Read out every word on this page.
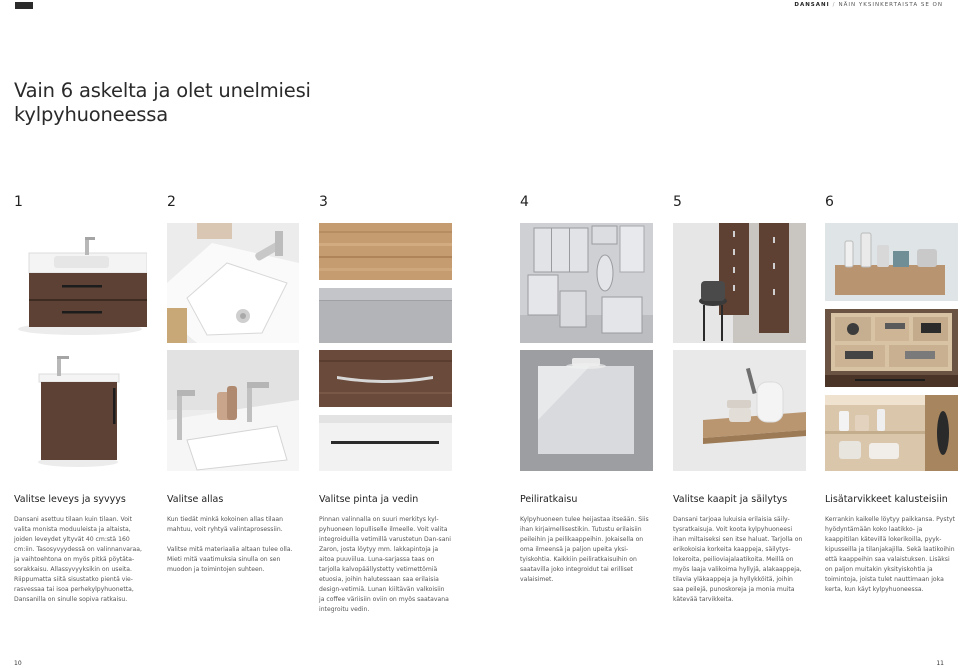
DANSANI / NÄIN YKSINKERTAISTA SE ON
Vain 6 askelta ja olet unelmiesi
kylpyhuoneessa
1	2	3	4	5	6
Valitse leveys ja syvyys	Valitse allas	Valitse pinta ja vedin	Peiliratkaisu	Valitse kaapit ja säilytys	Lisätarvikkeet kalusteisiin

Dansani asettuu tilaan kuin tilaan. Voit valita monista moduuleista ja altaista, joiden leveydet yltyvät 40 cm:stä 160 cm:iin. Tasosyvyydessä on valinnanvaraa, ja vaihtoehtona on myös pitkä pöytäta-sorakkaisu. Allassyvyyksikin on useita. Riippumatta siitä sisustatko pientä vie-rasvessaa tai isoa perhekylpyhuonetta, Dansanilla on sinulle sopiva ratkaisu.

Kun tiedät minkä kokoinen allas tilaan mahtuu, voit ryhtyä valintaprosessiin.

Valitse mitä materiaalia altaan tulee olla. Mieti mitä vaatimuksia sinulla on sen muodon ja toimintojen suhteen.

Pinnan valinnalla on suuri merkitys kyl-pyhuoneen lopulliselle ilmeelle. Voit valita integroiduilla vetimillä varustetun Dan-sani Zaron, josta löytyy mm. lakkapintoja ja aitoa puuviilua. Luna-sarjassa taas on tarjolla kalvopäällystetty vetimettömiä etuosia, joihin halutessaan saa erilaisia design-vetimiä. Lunan kiiltävän valkoisiin ja coffee väriisiin oviin on myös saatavana integroitu vedin.

Kylpyhuoneen tulee heijastaa itseään. Siis ihan kirjaimellisestikin. Tutustu erilaisiin peileihin ja peilikaappeihin. Jokaisella on oma ilmeensä ja paljon upeita yksi-tyiskohtia. Kaikkiin peiliratkaisuihin on saatavilla joko integroidut tai erilliset valaisimet.

Dansani tarjoaa lukuisia erilaisia säily-tysratkaisuja. Voit koota kylpyhuoneesi ihan miltaiseksi sen itse haluat. Tarjolla on erikokoisia korkeita kaappeja, säilytys-lokeroita, peilioviajalaatikoita. Meillä on myös laaja valikoima hyllyjä, alakaappeja, tilavia yläkaappeja ja hyllykköitä, joihin saa peilejä, punoskoreja ja monia muita kätevää tarvikkeita.

Kerrankin kaikelle löytyy paikkansa. Pystyt hyödyntämään koko laatikko- ja kaappitilan kätevillä lokerikoilla, pyyk-kipusseilla ja tilanjakajilla. Sekä laatikoihin että kaappeihin saa valaistuksen. Lisäksi on paljon muitakin yksityiskohtia ja toimintoja, joista tulet nauttimaan joka kerta, kun käyt kylpyhuoneessa.

10	11
